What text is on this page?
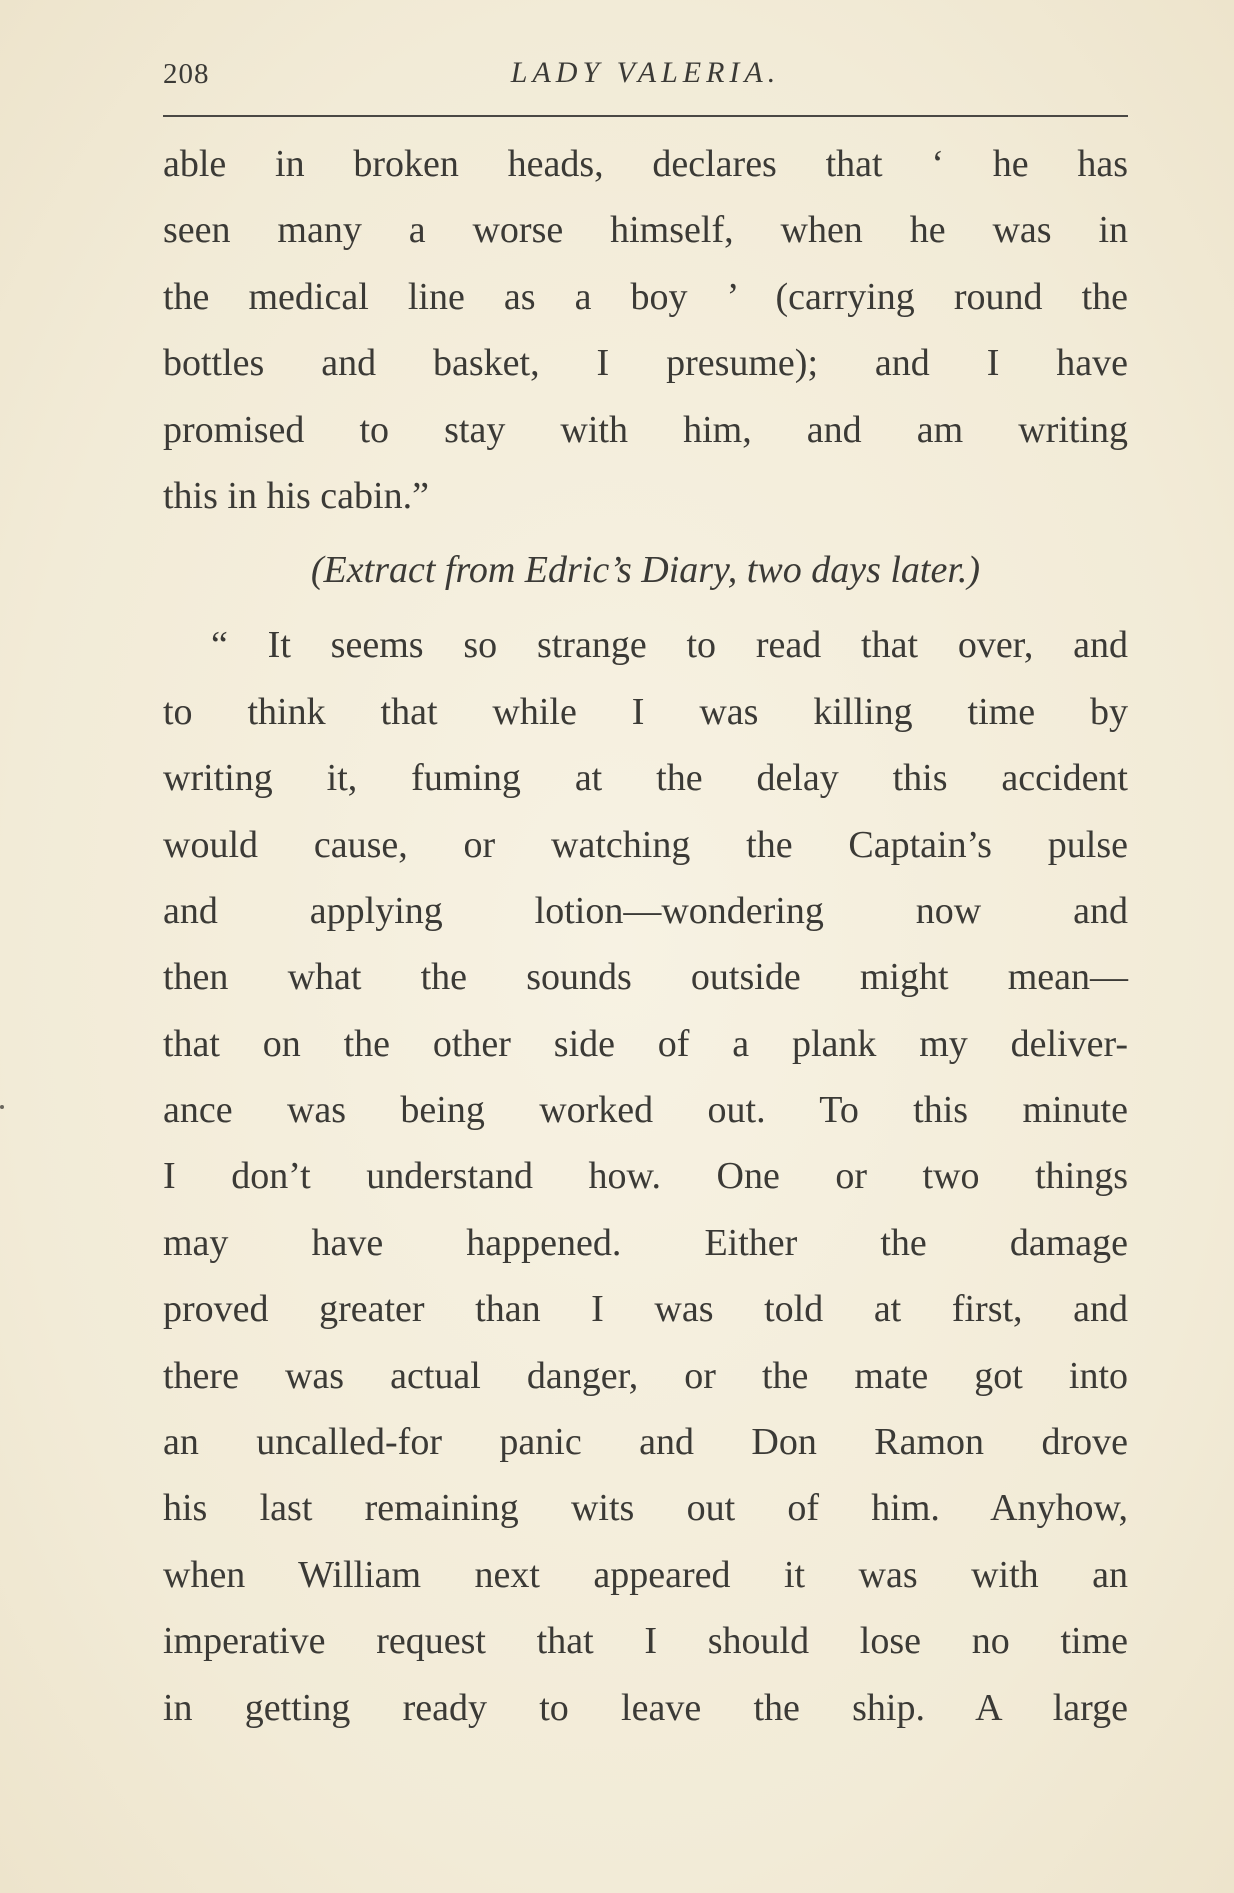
208	LADY VALERIA.
able in broken heads, declares that ‘ he has
seen many a worse himself, when he was in
the medical line as a boy ’ (carrying round the
bottles and basket, I presume); and I have
promised to stay with him, and am writing
this in his cabin.”
(Extract from Edric’s Diary, two days later.)
“ It seems so strange to read that over, and
to think that while I was killing time by
writing it, fuming at the delay this accident
would cause, or watching the Captain’s pulse
and applying lotion—wondering now and
then what the sounds outside might mean—
that on the other side of a plank my deliver-
ance was being worked out. To this minute
I don’t understand how. One or two things
may have happened. Either the damage
proved greater than I was told at first, and
there was actual danger, or the mate got into
an uncalled-for panic and Don Ramon drove
his last remaining wits out of him. Anyhow,
when William next appeared it was with an
imperative request that I should lose no time
in getting ready to leave the ship. A large
